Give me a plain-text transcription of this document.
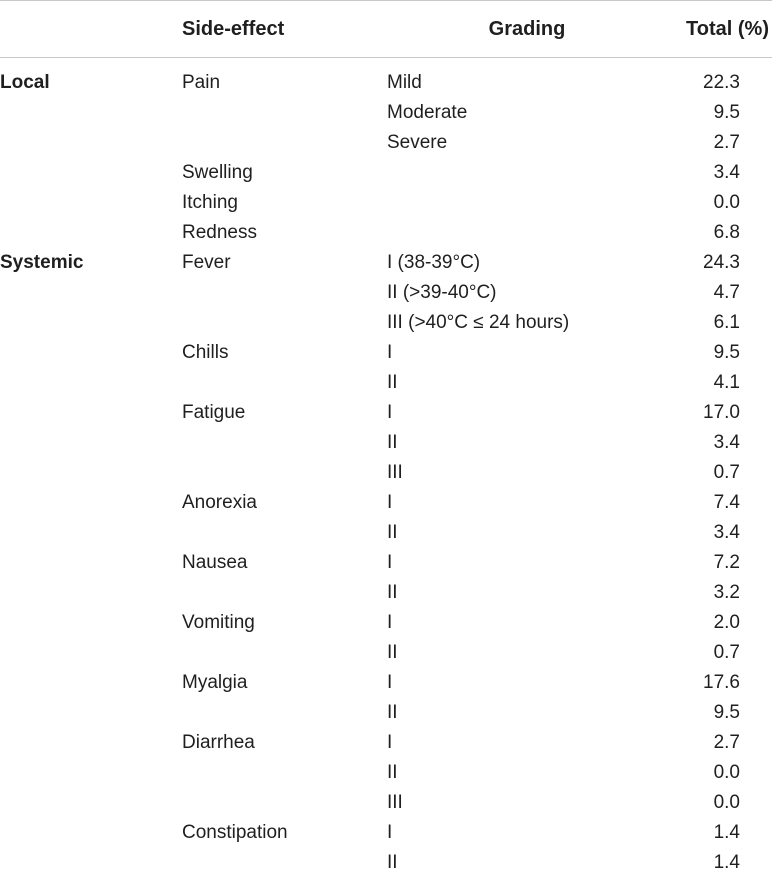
	Side-effect	Grading	Total (%)
Local	Pain	Mild	22.3
		Moderate	9.5
		Severe	2.7
	Swelling		3.4
	Itching		0.0
	Redness		6.8
Systemic	Fever	I (38-39°C)	24.3
		II (>39-40°C)	4.7
		III (>40°C ≤ 24 hours)	6.1
	Chills	I	9.5
		II	4.1
	Fatigue	I	17.0
		II	3.4
		III	0.7
	Anorexia	I	7.4
		II	3.4
	Nausea	I	7.2
		II	3.2
	Vomiting	I	2.0
		II	0.7
	Myalgia	I	17.6
		II	9.5
	Diarrhea	I	2.7
		II	0.0
		III	0.0
	Constipation	I	1.4
		II	1.4
